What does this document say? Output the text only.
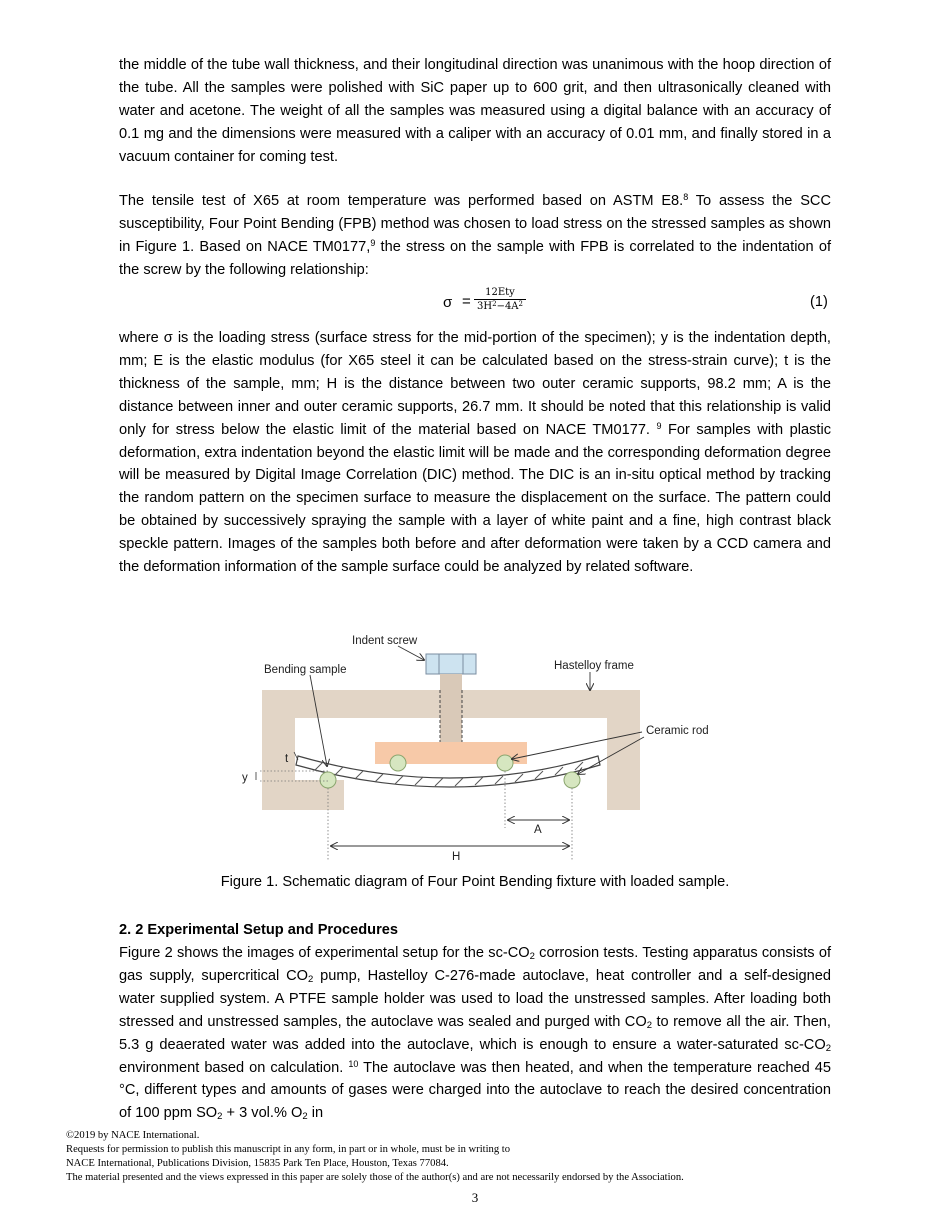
the middle of the tube wall thickness, and their longitudinal direction was unanimous with the hoop direction of the tube. All the samples were polished with SiC paper up to 600 grit, and then ultrasonically cleaned with water and acetone. The weight of all the samples was measured using a digital balance with an accuracy of 0.1 mg and the dimensions were measured with a caliper with an accuracy of 0.01 mm, and finally stored in a vacuum container for coming test.

The tensile test of X65 at room temperature was performed based on ASTM E8.$^8$ To assess the SCC susceptibility, Four Point Bending (FPB) method was chosen to load stress on the stressed samples as shown in Figure 1. Based on NACE TM0177,$^9$ the stress on the sample with FPB is correlated to the indentation of the screw by the following relationship:

σ =
12Ety
$3H^2-4A^2$	(1)

where σ is the loading stress (surface stress for the mid-portion of the specimen); y is the indentation depth, mm; E is the elastic modulus (for X65 steel it can be calculated based on the stress-strain curve); t is the thickness of the sample, mm; H is the distance between two outer ceramic supports, 98.2 mm; A is the distance between inner and outer ceramic supports, 26.7 mm. It should be noted that this relationship is valid only for stress below the elastic limit of the material based on NACE TM0177. $^9$ For samples with plastic deformation, extra indentation beyond the elastic limit will be made and the corresponding deformation degree will be measured by Digital Image Correlation (DIC) method. The DIC is an in-situ optical method by tracking the random pattern on the specimen surface to measure the displacement on the surface. The pattern could be obtained by successively spraying the sample with a layer of white paint and a fine, high contrast black speckle pattern. Images of the samples both before and after deformation were taken by a CCD camera and the deformation information of the sample surface could be analyzed by related software.

Indent screw
Bending sample	Hastelloy frame
Ceramic rod
t
y
A
H

Figure 1. Schematic diagram of Four Point Bending fixture with loaded sample.

2. 2 Experimental Setup and Procedures

Figure 2 shows the images of experimental setup for the $sc-CO_2$ corrosion tests. Testing apparatus consists of gas supply, supercritical $CO_2$ pump, Hastelloy C-276-made autoclave, heat controller and a self-designed water supplied system. A PTFE sample holder was used to load the unstressed samples. After loading both stressed and unstressed samples, the autoclave was sealed and purged with $CO_2$ to remove all the air. Then, 5.3 g deaerated water was added into the autoclave, which is enough to ensure a water-saturated $sc-CO_2$ environment based on calculation. $^{10}$ The autoclave was then heated, and when the temperature reached 45 °C, different types and amounts of gases were charged into the autoclave to reach the desired concentration of 100 ppm $SO_2 + 3$ vol.% $O_2$ in

©2019 by NACE International.
Requests for permission to publish this manuscript in any form, in part or in whole, must be in writing to
NACE International, Publications Division, 15835 Park Ten Place, Houston, Texas 77084.
The material presented and the views expressed in this paper are solely those of the author(s) and are not necessarily endorsed by the Association.
3
